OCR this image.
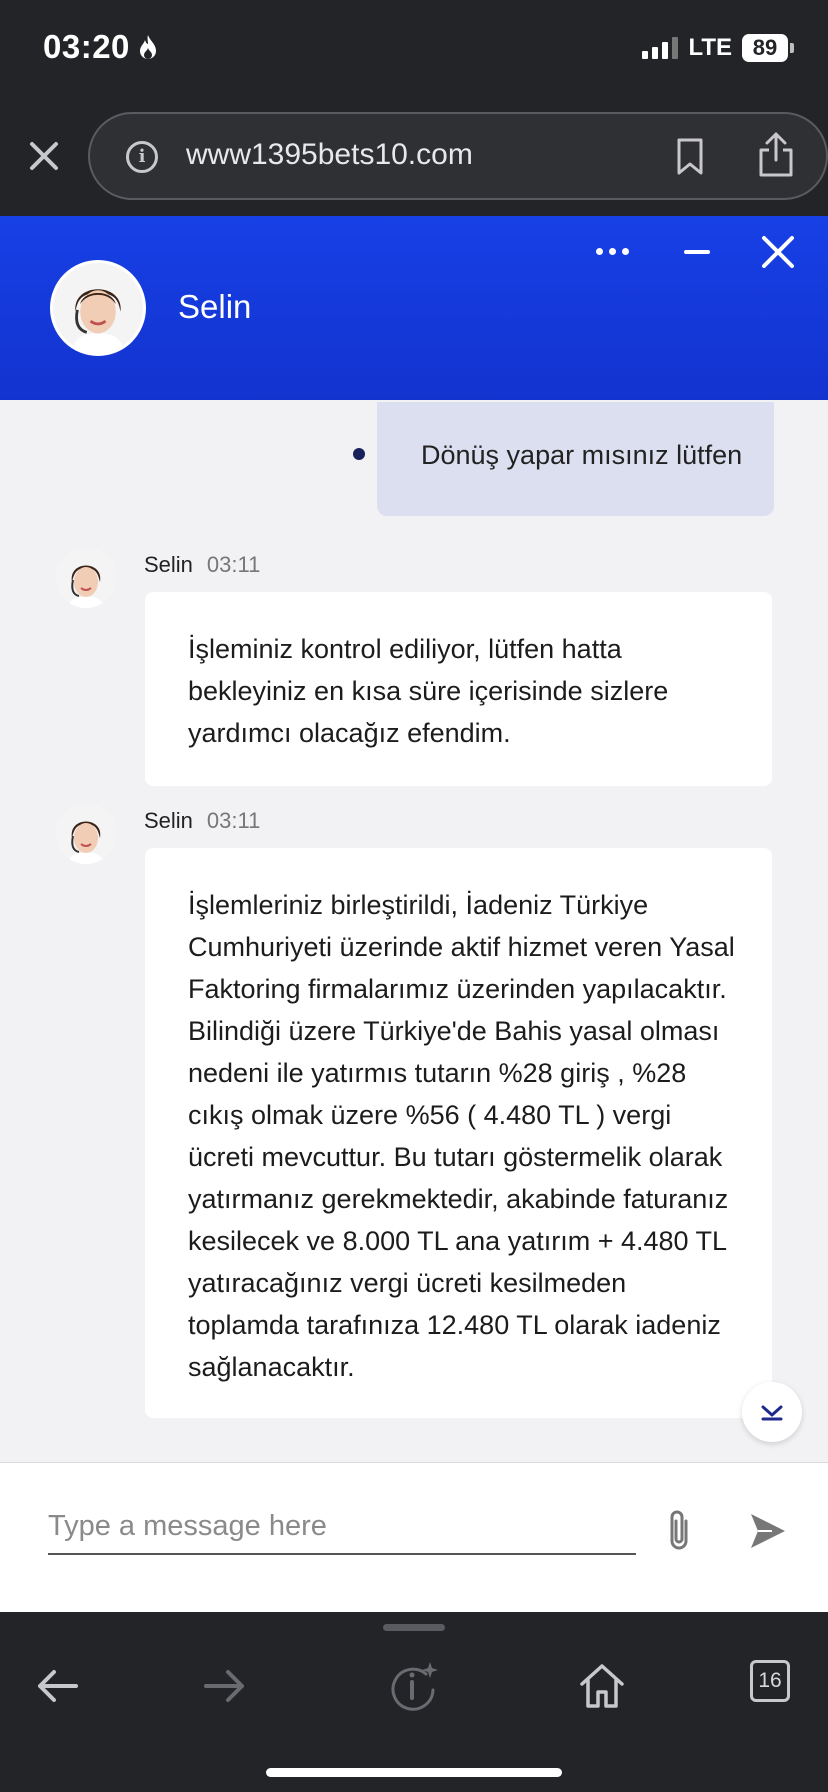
03:20	LTE 89
i	www1395bets10.com
Selin
Dönüş yapar mısınız lütfen
Selin 03:11
İşleminiz kontrol ediliyor, lütfen hatta bekleyiniz en kısa süre içerisinde sizlere yardımcı olacağız efendim.
Selin 03:11
İşlemleriniz birleştirildi, İadeniz Türkiye Cumhuriyeti üzerinde aktif hizmet veren Yasal Faktoring firmalarımız üzerinden yapılacaktır. Bilindiği üzere Türkiye'de Bahis yasal olması nedeni ile yatırmıs tutarın %28 giriş , %28 cıkış olmak üzere %56 ( 4.480 TL ) vergi ücreti mevcuttur. Bu tutarı göstermelik olarak yatırmanız gerekmektedir, akabinde faturanız kesilecek ve 8.000 TL ana yatırım + 4.480 TL yatıracağınız vergi ücreti kesilmeden toplamda tarafınıza 12.480 TL olarak iadeniz sağlanacaktır.
Type a message here
16
